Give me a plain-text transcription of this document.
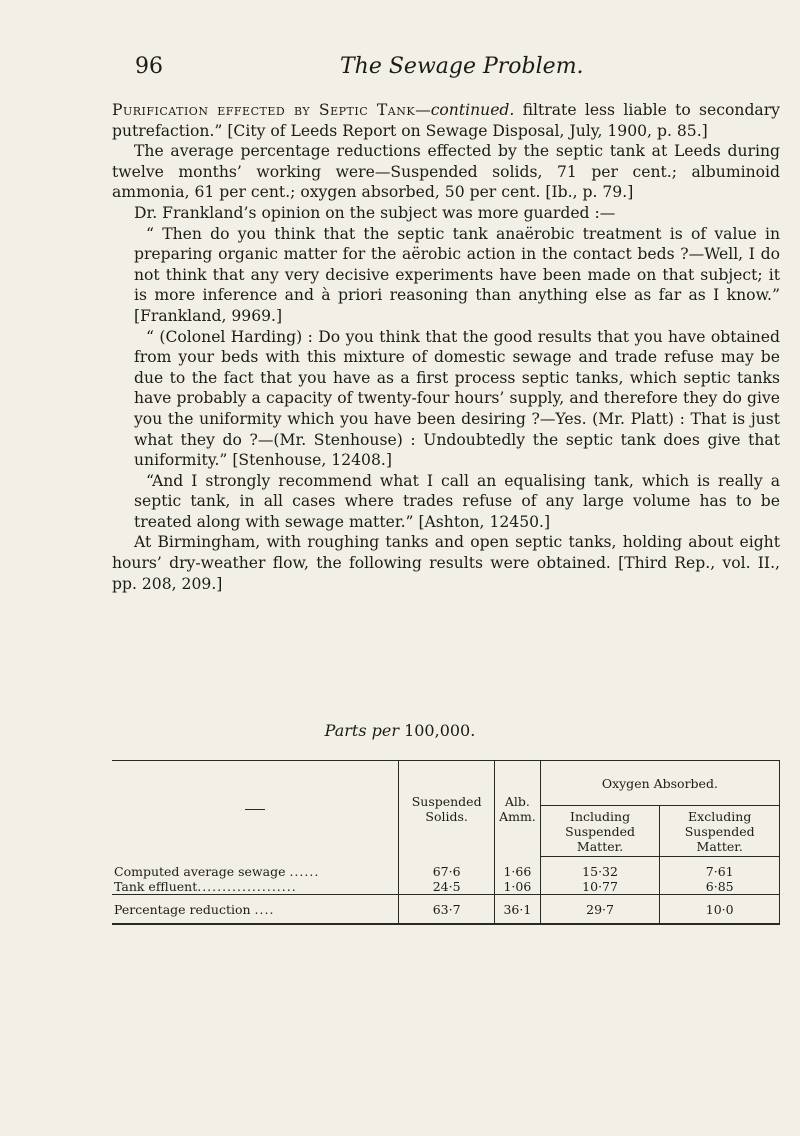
96	The Sewage Problem.

Purification effected by Septic Tank—continued. filtrate less liable to secondary putrefaction.” [City of Leeds Report on Sewage Disposal, July, 1900, p. 85.]

The average percentage reductions effected by the septic tank at Leeds during twelve months’ working were—Suspended solids, 71 per cent.; albuminoid ammonia, 61 per cent.; oxygen absorbed, 50 per cent. [Ib., p. 79.]

Dr. Frankland’s opinion on the subject was more guarded :—

“ Then do you think that the septic tank anaërobic treatment is of value in preparing organic matter for the aërobic action in the contact beds ?—Well, I do not think that any very decisive experiments have been made on that subject; it is more inference and à priori reasoning than anything else as far as I know.” [Frankland, 9969.]

“ (Colonel Harding) : Do you think that the good results that you have obtained from your beds with this mixture of domestic sewage and trade refuse may be due to the fact that you have as a first process septic tanks, which septic tanks have probably a capacity of twenty-four hours’ supply, and therefore they do give you the uniformity which you have been desiring ?—Yes. (Mr. Platt) : That is just what they do ?—(Mr. Stenhouse) : Undoubtedly the septic tank does give that uniformity.” [Stenhouse, 12408.]

“And I strongly recommend what I call an equalising tank, which is really a septic tank, in all cases where trades refuse of any large volume has to be treated along with sewage matter.” [Ashton, 12450.]

At Birmingham, with roughing tanks and open septic tanks, holding about eight hours’ dry-weather flow, the following results were obtained. [Third Rep., vol. II., pp. 208, 209.]

Parts per 100,000.
	Suspended Solids.	Alb. Amm.	Oxygen Absorbed.	
			Including Suspended Matter.	Excluding Suspended Matter.

Computed average sewage ......	67·6	1·66	15·32	7·61
Tank effluent....................	24·5	1·06	10·77	6·85
Percentage reduction ....	63·7	36·1	29·7	10·0
